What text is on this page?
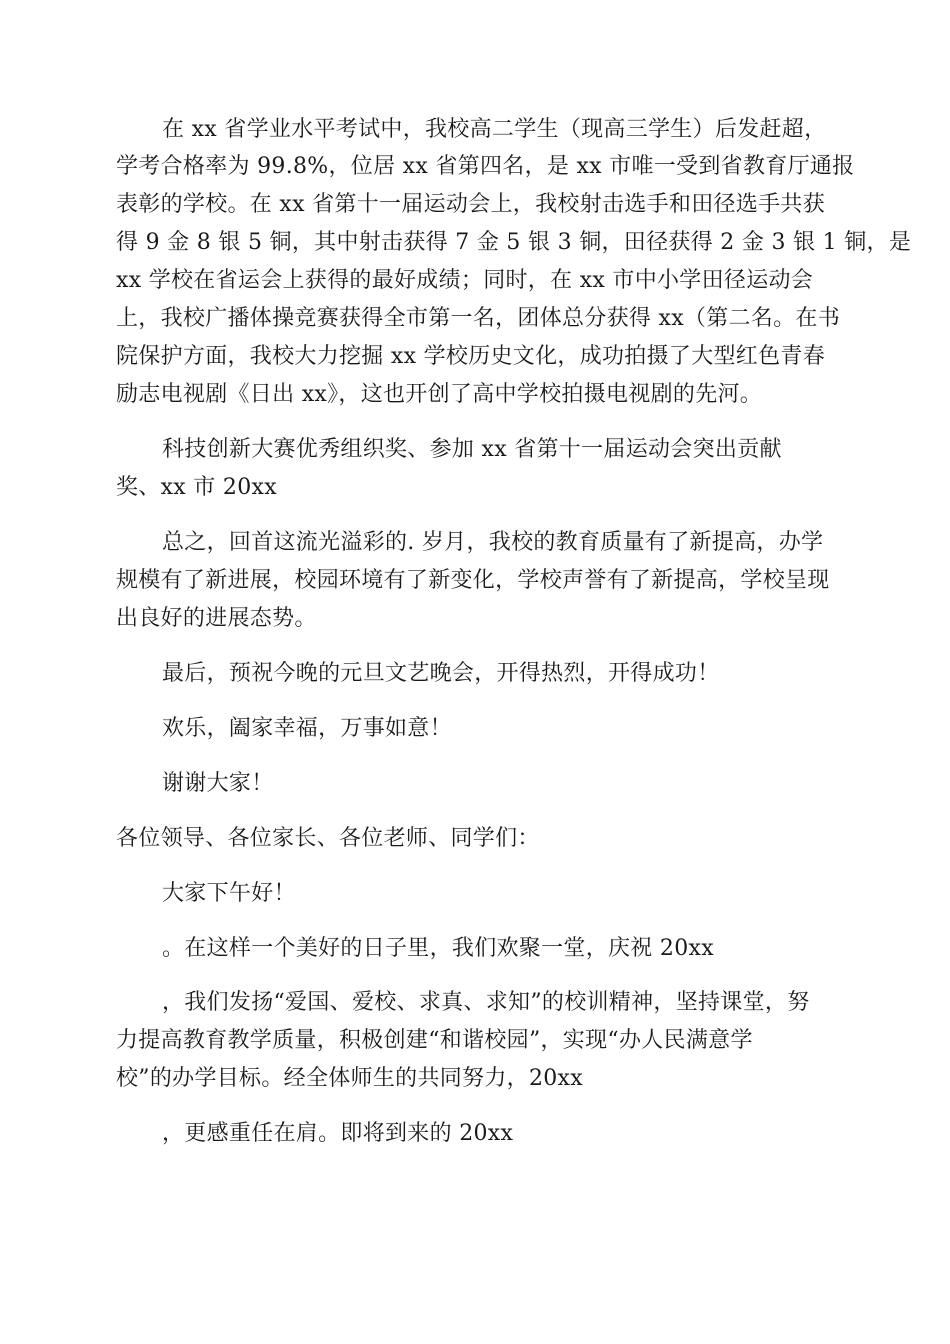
在 xx 省学业水平考试中，我校高二学生（现高三学生）后发赶超，
学考合格率为 99.8%，位居 xx 省第四名，是 xx 市唯一受到省教育厅通报
表彰的学校。在 xx 省第十一届运动会上，我校射击选手和田径选手共获
得 9 金 8 银 5 铜，其中射击获得 7 金 5 银 3 铜，田径获得 2 金 3 银 1 铜，是
xx 学校在省运会上获得的最好成绩；同时，在 xx 市中小学田径运动会
上，我校广播体操竞赛获得全市第一名，团体总分获得 xx（第二名。在书
院保护方面，我校大力挖掘 xx 学校历史文化，成功拍摄了大型红色青春
励志电视剧《日出 xx》，这也开创了高中学校拍摄电视剧的先河。
科技创新大赛优秀组织奖、参加 xx 省第十一届运动会突出贡献
奖、xx 市 20xx
总之，回首这流光溢彩的. 岁月，我校的教育质量有了新提高，办学
规模有了新进展，校园环境有了新变化，学校声誉有了新提高，学校呈现
出良好的进展态势。
最后，预祝今晚的元旦文艺晚会，开得热烈，开得成功！
欢乐，阖家幸福，万事如意！
谢谢大家！
各位领导、各位家长、各位老师、同学们：
大家下午好！
。在这样一个美好的日子里，我们欢聚一堂，庆祝 20xx
，我们发扬“爱国、爱校、求真、求知”的校训精神，坚持课堂，努
力提高教育教学质量，积极创建“和谐校园”，实现“办人民满意学
校”的办学目标。经全体师生的共同努力，20xx
，更感重任在肩。即将到来的 20xx
